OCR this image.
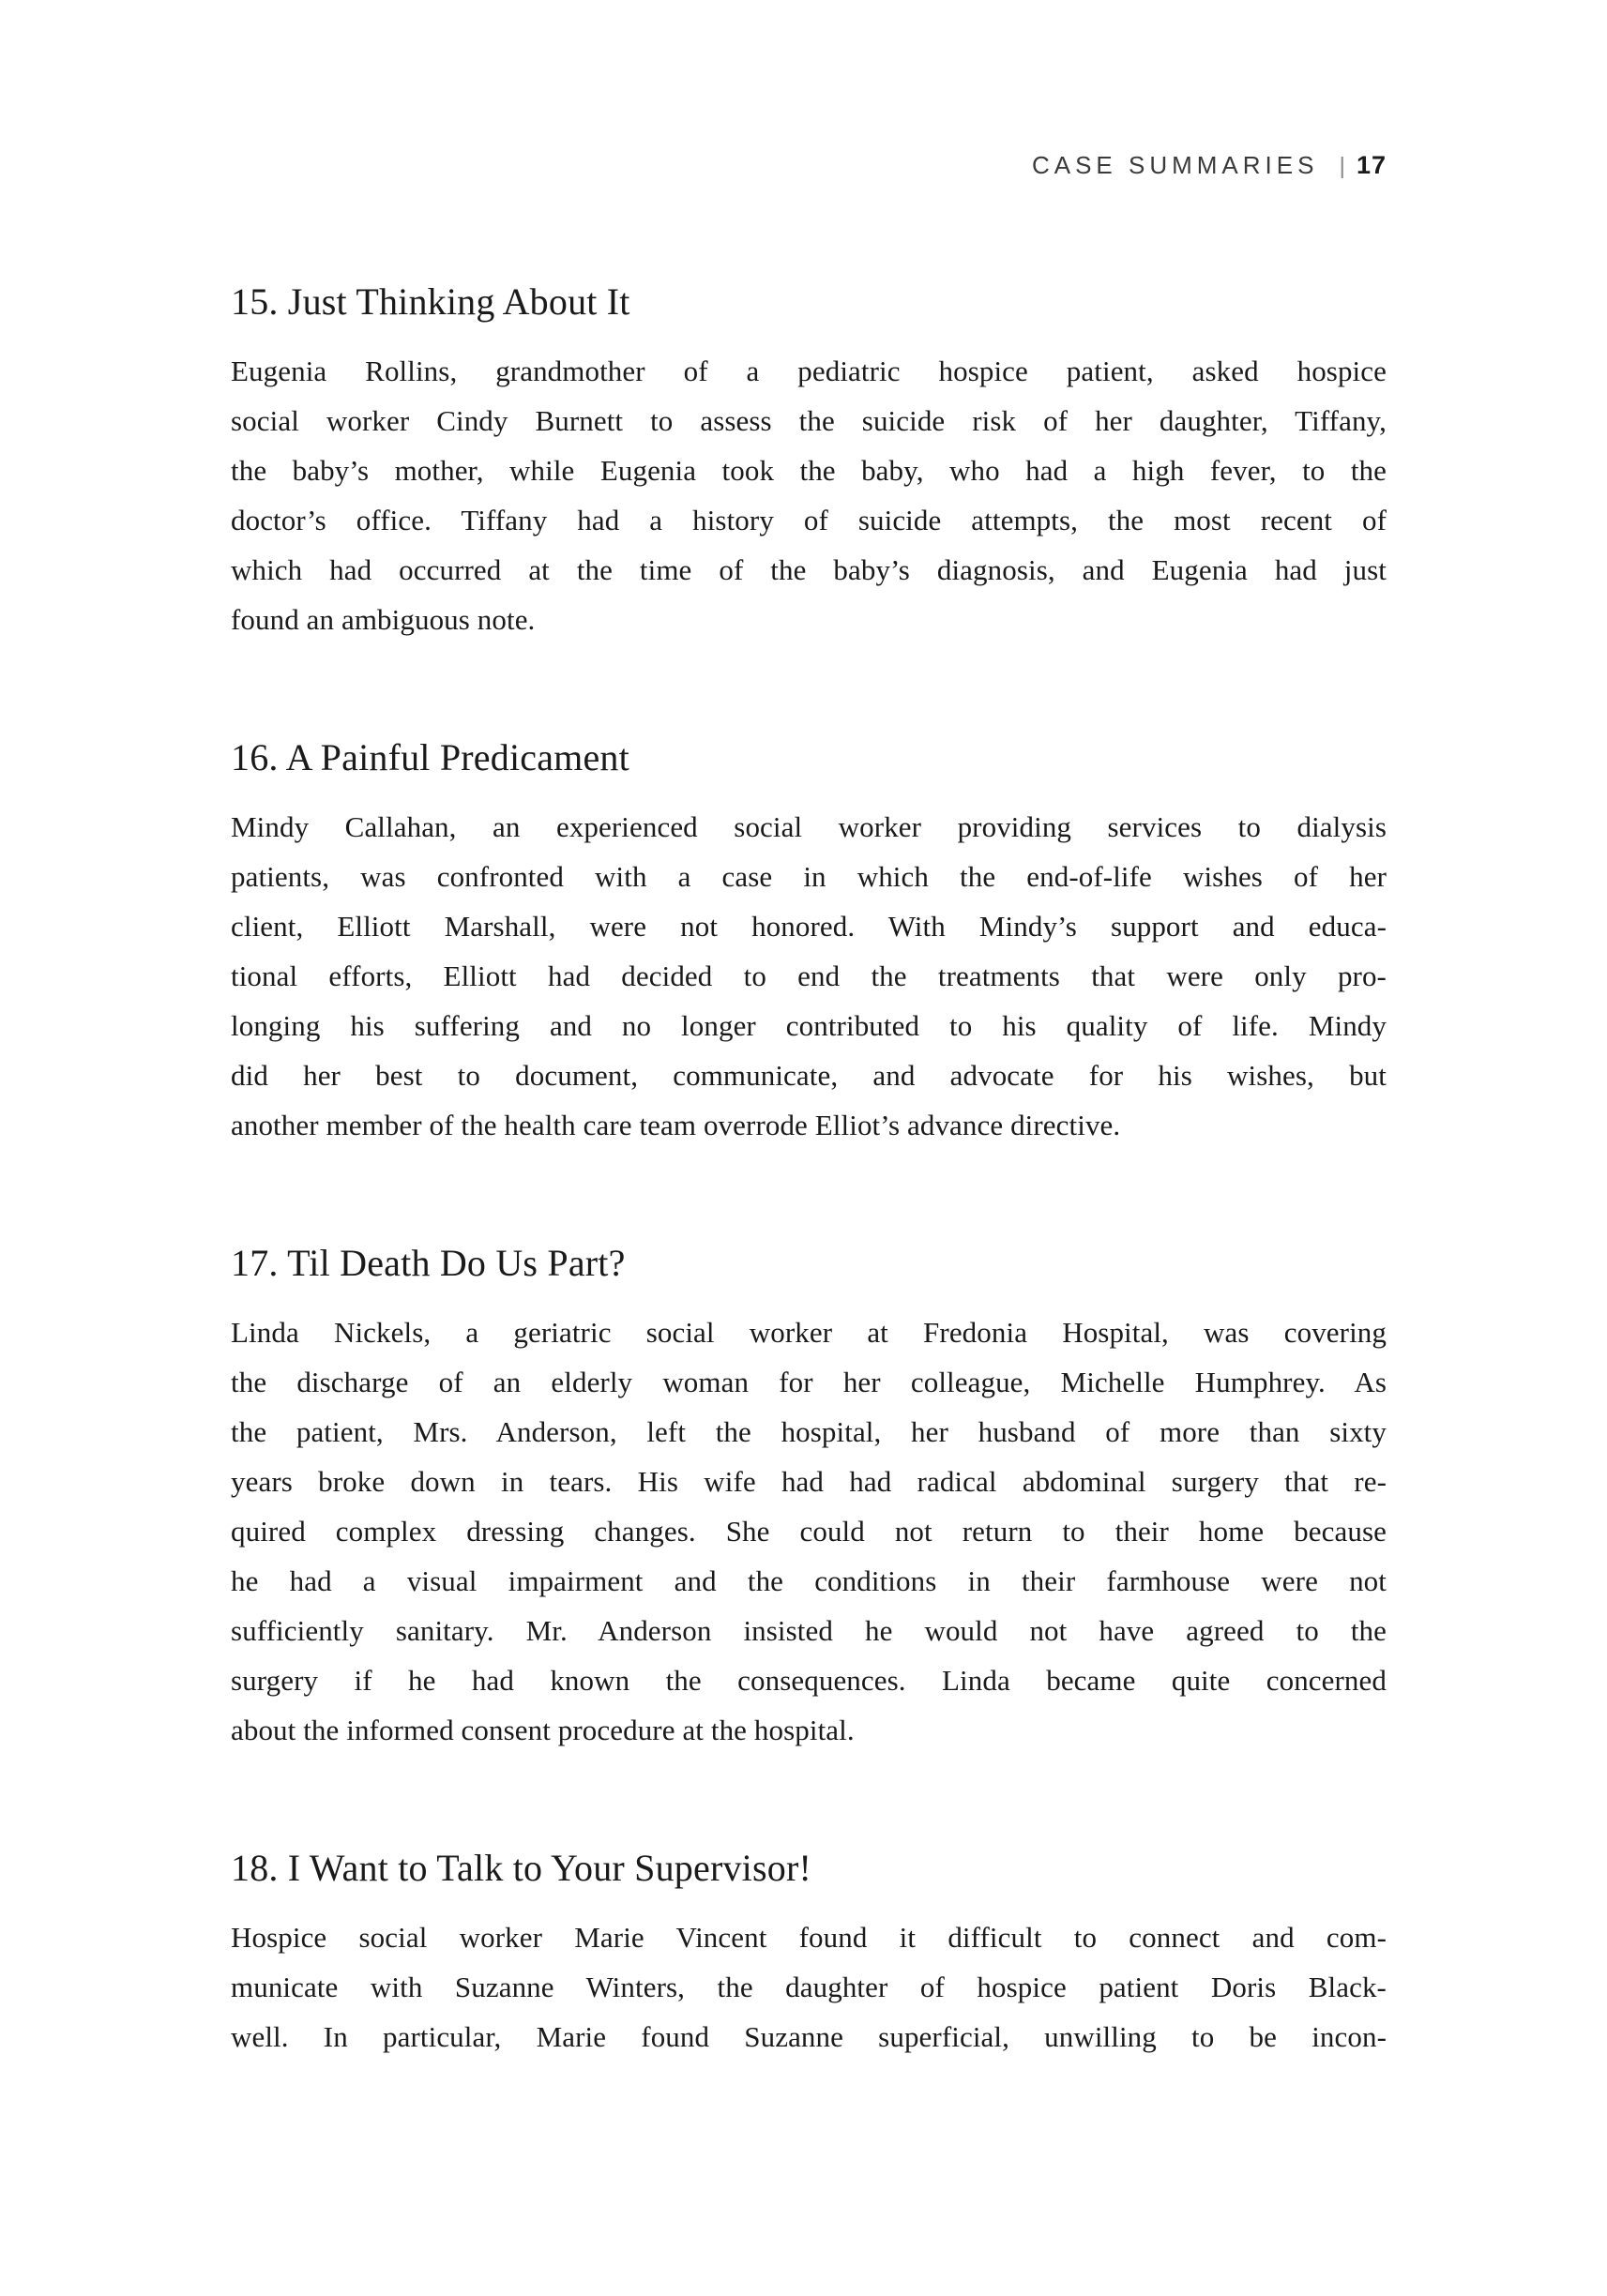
CASE SUMMARIES | 17
15. Just Thinking About It
Eugenia Rollins, grandmother of a pediatric hospice patient, asked hospice
social worker Cindy Burnett to assess the suicide risk of her daughter, Tiffany,
the baby’s mother, while Eugenia took the baby, who had a high fever, to the
doctor’s office. Tiffany had a history of suicide attempts, the most recent of
which had occurred at the time of the baby’s diagnosis, and Eugenia had just
found an ambiguous note.
16. A Painful Predicament
Mindy Callahan, an experienced social worker providing services to dialysis
patients, was confronted with a case in which the end-of-life wishes of her
client, Elliott Marshall, were not honored. With Mindy’s support and educa-
tional efforts, Elliott had decided to end the treatments that were only pro-
longing his suffering and no longer contributed to his quality of life. Mindy
did her best to document, communicate, and advocate for his wishes, but
another member of the health care team overrode Elliot’s advance directive.
17. Til Death Do Us Part?
Linda Nickels, a geriatric social worker at Fredonia Hospital, was covering
the discharge of an elderly woman for her colleague, Michelle Humphrey. As
the patient, Mrs. Anderson, left the hospital, her husband of more than sixty
years broke down in tears. His wife had had radical abdominal surgery that re-
quired complex dressing changes. She could not return to their home because
he had a visual impairment and the conditions in their farmhouse were not
sufficiently sanitary. Mr. Anderson insisted he would not have agreed to the
surgery if he had known the consequences. Linda became quite concerned
about the informed consent procedure at the hospital.
18. I Want to Talk to Your Supervisor!
Hospice social worker Marie Vincent found it difficult to connect and com-
municate with Suzanne Winters, the daughter of hospice patient Doris Black-
well. In particular, Marie found Suzanne superficial, unwilling to be incon-
